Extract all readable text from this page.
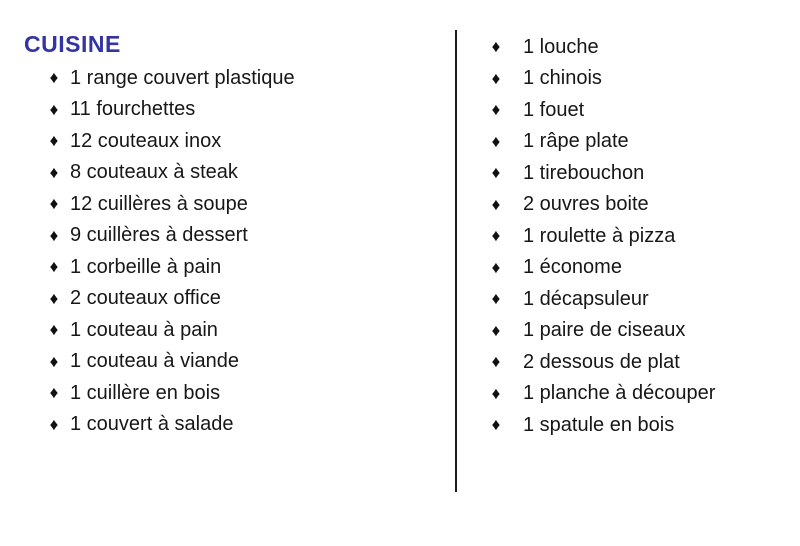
CUISINE
♦ 1 range couvert plastique
♦ 11 fourchettes
♦ 12 couteaux inox
♦ 8 couteaux à steak
♦ 12 cuillères à soupe
♦ 9 cuillères à dessert
♦ 1 corbeille à pain
♦ 2 couteaux office
♦ 1 couteau à pain
♦ 1 couteau à viande
♦ 1 cuillère en bois
♦ 1 couvert à salade
♦ 1 louche
♦ 1 chinois
♦ 1 fouet
♦ 1 râpe plate
♦ 1 tirebouchon
♦ 2 ouvres boite
♦ 1 roulette à pizza
♦ 1 économe
♦ 1 décapsuleur
♦ 1 paire de ciseaux
♦ 2 dessous de plat
♦ 1 planche à découper
♦ 1 spatule en bois
